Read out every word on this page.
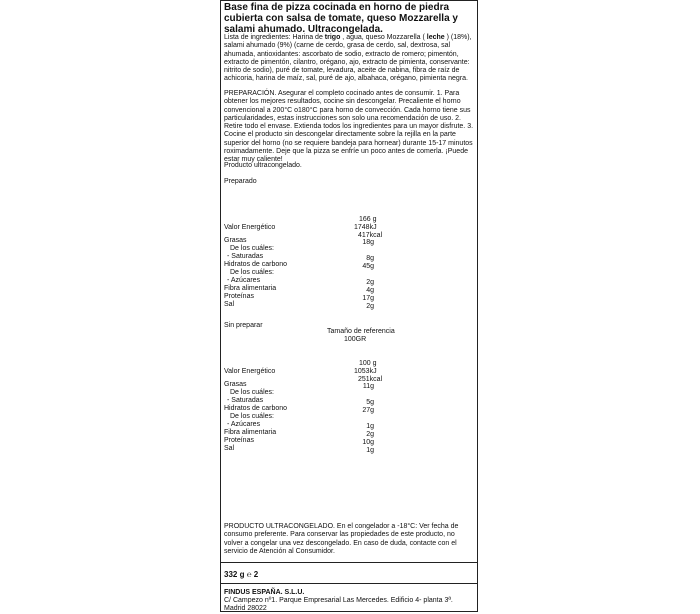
Base fina de pizza cocinada en horno de piedra cubierta con salsa de tomate, queso Mozzarella y salami ahumado. Ultracongelada.
Lista de ingredientes: Harina de trigo , agua, queso Mozzarella ( leche ) (18%), salami ahumado (9%) (carne de cerdo, grasa de cerdo, sal, dextrosa, sal ahumada, antioxidantes: ascorbato de sodio, extracto de romero; pimentón, extracto de pimentón, cilantro, orégano, ajo, extracto de pimienta, conservante: nitrito de sodio), puré de tomate, levadura, aceite de nabina, fibra de raíz de achicoria, harina de maíz, sal, puré de ajo, albahaca, orégano, pimienta negra.
PREPARACIÓN. Asegurar el completo cocinado antes de consumir. 1. Para obtener los mejores resultados, cocine sin descongelar. Precaliente el horno convencional a 200°C o180°C para horno de convección. Cada horno tiene sus particularidades, estas instrucciones son solo una recomendación de uso. 2. Retire todo el envase. Extienda todos los ingredientes para un mayor disfrute. 3. Cocine el producto sin descongelar directamente sobre la rejilla en la parte superior del horno (no se requiere bandeja para hornear) durante 15-17 minutos roximadamente. Deje que la pizza se enfríe un poco antes de comerla. ¡Puede estar muy caliente!
Producto ultracongelado.
Preparado
166 g
Valor Energético	1748kJ
417kcal
Grasas	18g
De los cuáles:
- Saturadas	8g
Hidratos de carbono	45g
De los cuáles:
- Azúcares	2g
Fibra alimentaria	4g
Proteínas	17g
Sal	2g
Sin preparar
Tamaño de referencia
100GR
100 g
Valor Energético	1053kJ
251kcal
Grasas	11g
De los cuáles:
- Saturadas	5g
Hidratos de carbono	27g
De los cuáles:
- Azúcares	1g
Fibra alimentaria	2g
Proteínas	10g
Sal	1g
PRODUCTO ULTRACONGELADO. En el congelador a -18°C: Ver fecha de consumo preferente. Para conservar las propiedades de este producto, no volver a congelar una vez descongelado. En caso de duda, contacte con el servicio de Atención al Consumidor.
332 g ℮ 2
FINDUS ESPAÑA. S.L.U.
C/ Campezo nº1. Parque Empresarial Las Mercedes. Edificio 4- planta 3ª.
Madrid 28022
